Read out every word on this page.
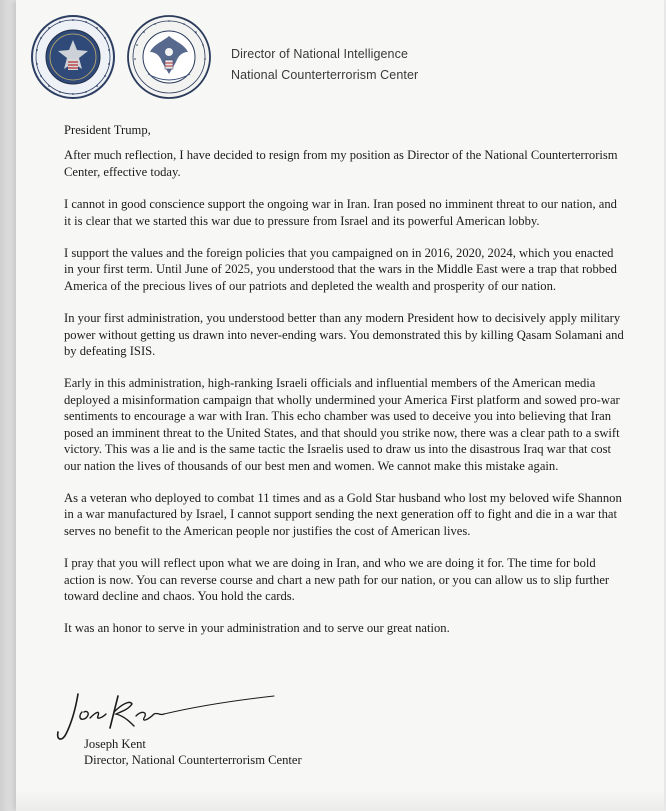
Director of National Intelligence
National Counterterrorism Center

President Trump,

After much reflection, I have decided to resign from my position as Director of the National Counterterrorism Center, effective today.

I cannot in good conscience support the ongoing war in Iran. Iran posed no imminent threat to our nation, and it is clear that we started this war due to pressure from Israel and its powerful American lobby.

I support the values and the foreign policies that you campaigned on in 2016, 2020, 2024, which you enacted in your first term. Until June of 2025, you understood that the wars in the Middle East were a trap that robbed America of the precious lives of our patriots and depleted the wealth and prosperity of our nation.

In your first administration, you understood better than any modern President how to decisively apply military power without getting us drawn into never-ending wars. You demonstrated this by killing Qasam Solamani and by defeating ISIS.

Early in this administration, high-ranking Israeli officials and influential members of the American media deployed a misinformation campaign that wholly undermined your America First platform and sowed pro-war sentiments to encourage a war with Iran. This echo chamber was used to deceive you into believing that Iran posed an imminent threat to the United States, and that should you strike now, there was a clear path to a swift victory. This was a lie and is the same tactic the Israelis used to draw us into the disastrous Iraq war that cost our nation the lives of thousands of our best men and women. We cannot make this mistake again.

As a veteran who deployed to combat 11 times and as a Gold Star husband who lost my beloved wife Shannon in a war manufactured by Israel, I cannot support sending the next generation off to fight and die in a war that serves no benefit to the American people nor justifies the cost of American lives.

I pray that you will reflect upon what we are doing in Iran, and who we are doing it for. The time for bold action is now. You can reverse course and chart a new path for our nation, or you can allow us to slip further toward decline and chaos. You hold the cards.

It was an honor to serve in your administration and to serve our great nation.

Joseph Kent
Director, National Counterterrorism Center
